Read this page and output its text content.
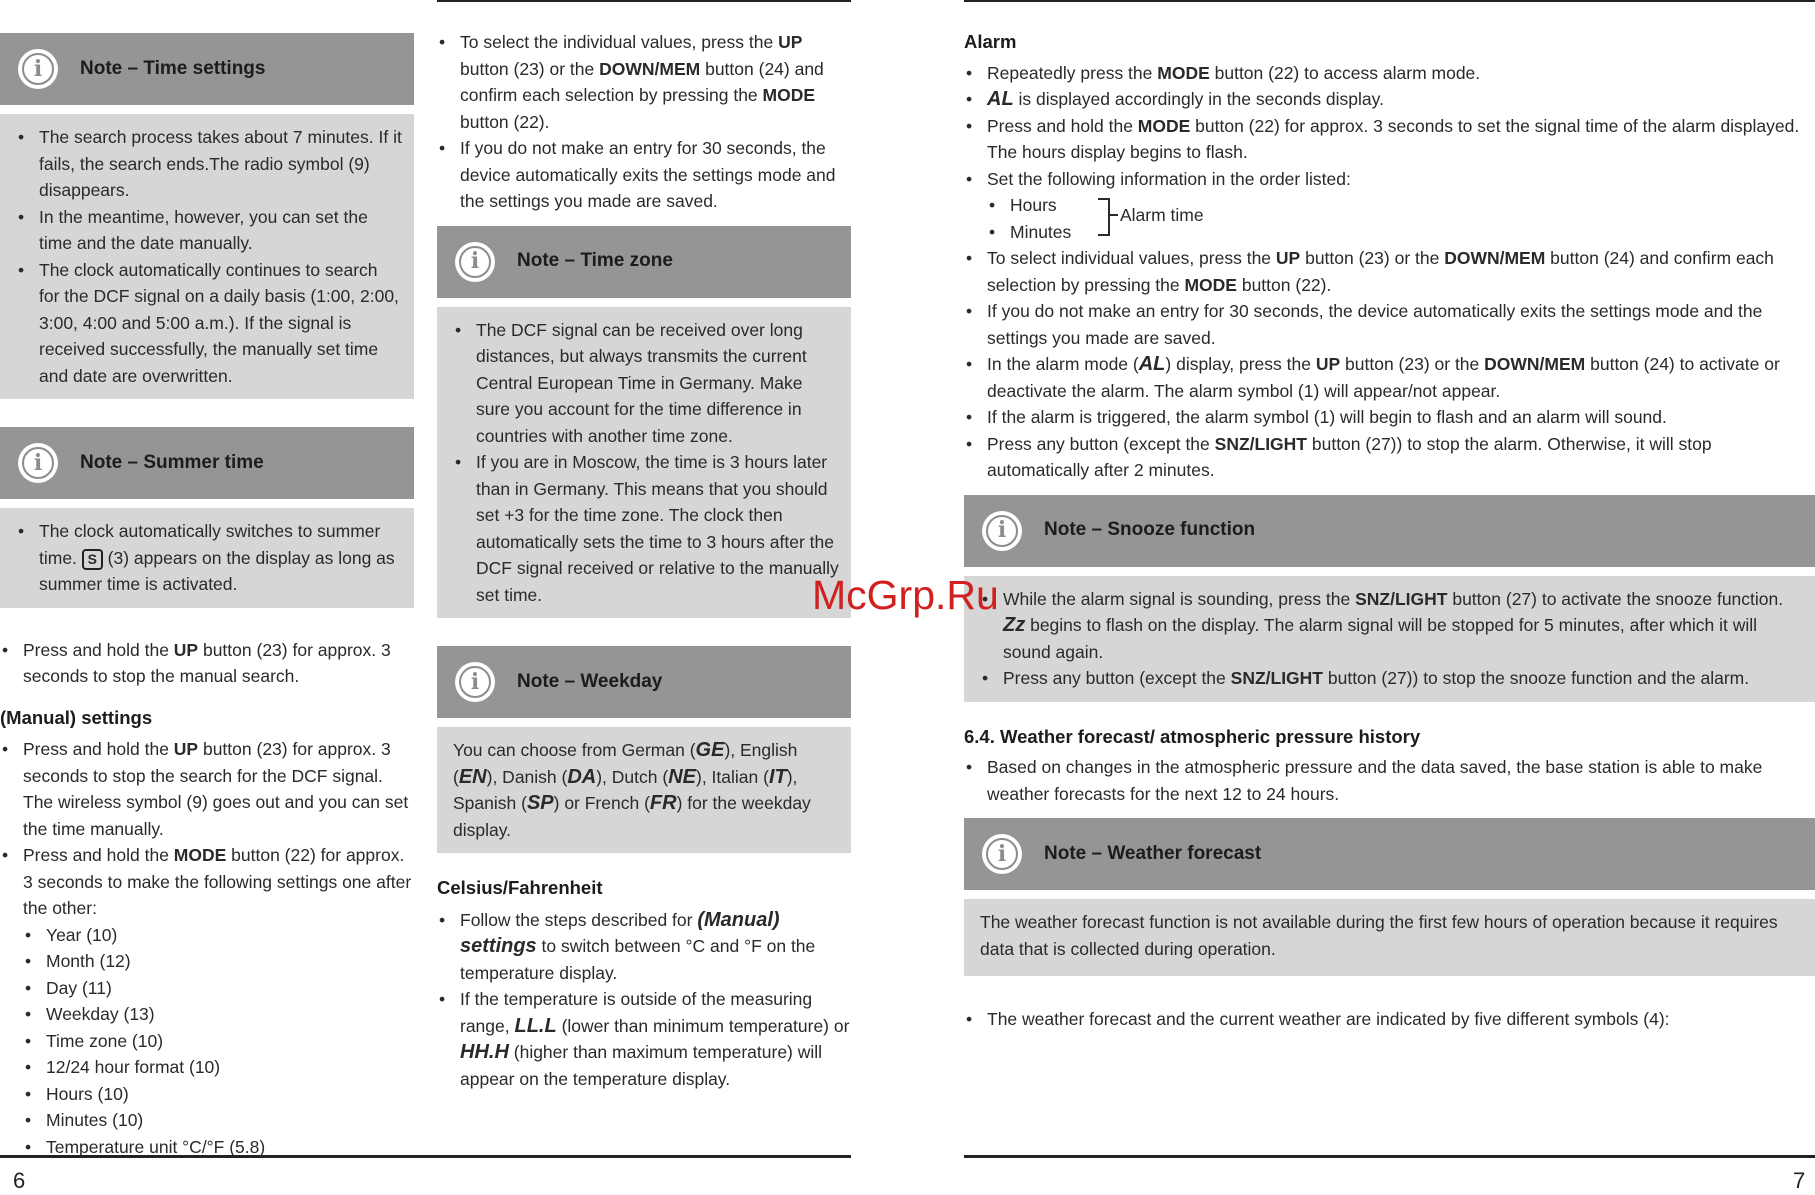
6	7
i Note – Time settings
• The search process takes about 7 minutes. If it fails, the search ends.The radio symbol (9) disappears.
• In the meantime, however, you can set the time and the date manually.
• The clock automatically continues to search for the DCF signal on a daily basis (1:00, 2:00, 3:00, 4:00 and 5:00 a.m.). If the signal is received successfully, the manually set time and date are overwritten.
i Note – Summer time
• The clock automatically switches to summer time. S (3) appears on the display as long as summer time is activated.
• Press and hold the UP button (23) for approx. 3 seconds to stop the manual search.
(Manual) settings
• Press and hold the UP button (23) for approx. 3 seconds to stop the search for the DCF signal. The wireless symbol (9) goes out and you can set the time manually.
• Press and hold the MODE button (22) for approx. 3 seconds to make the following settings one after the other:
• Year (10)
• Month (12)
• Day (11)
• Weekday (13)
• Time zone (10)
• 12/24 hour format (10)
• Hours (10)
• Minutes (10)
• Temperature unit °C/°F (5.8)
• To select the individual values, press the UP button (23) or the DOWN/MEM button (24) and confirm each selection by pressing the MODE button (22).
• If you do not make an entry for 30 seconds, the device automatically exits the settings mode and the settings you made are saved.
i Note – Time zone
• The DCF signal can be received over long distances, but always transmits the current Central European Time in Germany. Make sure you account for the time difference in countries with another time zone.
• If you are in Moscow, the time is 3 hours later than in Germany. This means that you should set +3 for the time zone. The clock then automatically sets the time to 3 hours after the DCF signal received or relative to the manually set time.
i Note – Weekday
You can choose from German (GE), English (EN), Danish (DA), Dutch (NE), Italian (IT), Spanish (SP) or French (FR) for the weekday display.
Celsius/Fahrenheit
• Follow the steps described for (Manual) settings to switch between °C and °F on the temperature display.
• If the temperature is outside of the measuring range, LL.L (lower than minimum temperature) or HH.H (higher than maximum temperature) will appear on the temperature display.
Alarm
• Repeatedly press the MODE button (22) to access alarm mode.
• AL is displayed accordingly in the seconds display.
• Press and hold the MODE button (22) for approx. 3 seconds to set the signal time of the alarm displayed. The hours display begins to flash.
• Set the following information in the order listed:
• Hours
• Minutes
Alarm time
• To select individual values, press the UP button (23) or the DOWN/MEM button (24) and confirm each selection by pressing the MODE button (22).
• If you do not make an entry for 30 seconds, the device automatically exits the settings mode and the settings you made are saved.
• In the alarm mode (AL) display, press the UP button (23) or the DOWN/MEM button (24) to activate or deactivate the alarm. The alarm symbol (1) will appear/not appear.
• If the alarm is triggered, the alarm symbol (1) will begin to flash and an alarm will sound.
• Press any button (except the SNZ/LIGHT button (27)) to stop the alarm. Otherwise, it will stop automatically after 2 minutes.
i Note – Snooze function
• While the alarm signal is sounding, press the SNZ/LIGHT button (27) to activate the snooze function. Zz begins to flash on the display. The alarm signal will be stopped for 5 minutes, after which it will sound again.
• Press any button (except the SNZ/LIGHT button (27)) to stop the snooze function and the alarm.
6.4. Weather forecast/ atmospheric pressure history
• Based on changes in the atmospheric pressure and the data saved, the base station is able to make weather forecasts for the next 12 to 24 hours.
i Note – Weather forecast
The weather forecast function is not available during the first few hours of operation because it requires data that is collected during operation.
• The weather forecast and the current weather are indicated by five different symbols (4):
McGrp.Ru
